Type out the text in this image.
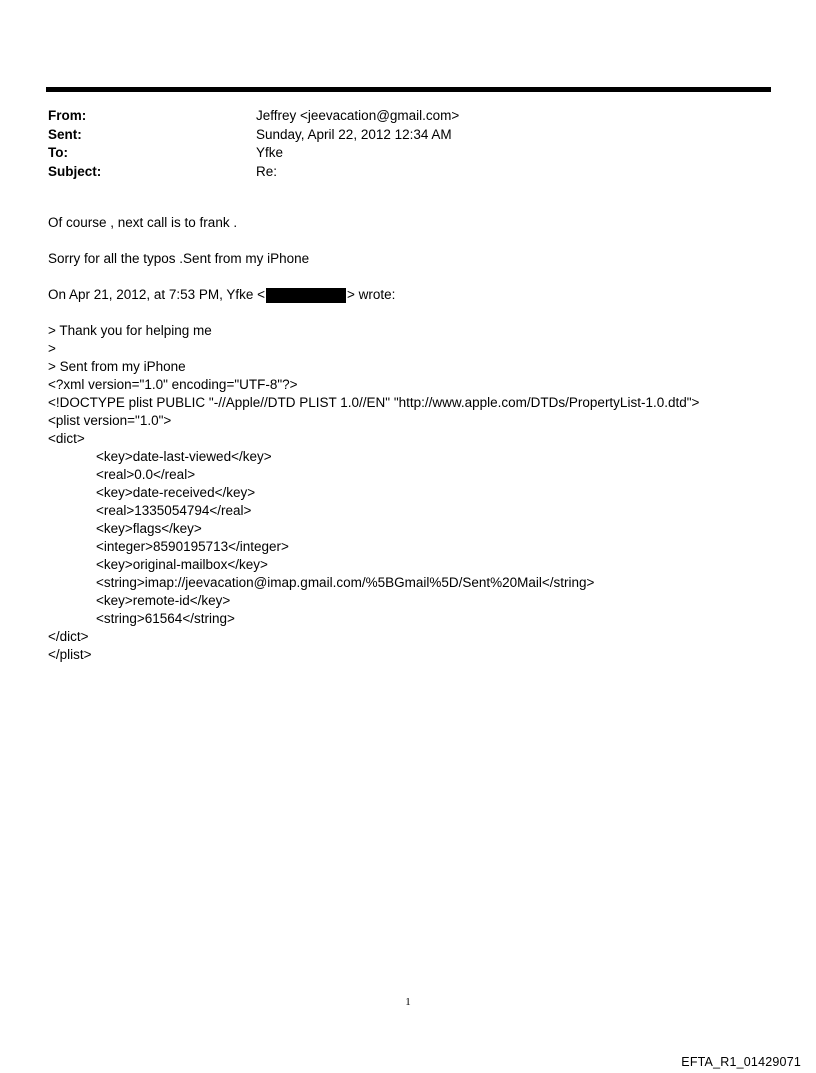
From:	Jeffrey <jeevacation@gmail.com>
Sent:	Sunday, April 22, 2012 12:34 AM
To:	Yfke
Subject:	Re:
Of course , next call is to frank .
Sorry for all the typos .Sent from my iPhone
On Apr 21, 2012, at 7:53 PM, Yfke <	> wrote:
> Thank you for helping me
>
> Sent from my iPhone
<?xml version="1.0" encoding="UTF-8"?>
<!DOCTYPE plist PUBLIC "-//Apple//DTD PLIST 1.0//EN" "http://www.apple.com/DTDs/PropertyList-1.0.dtd">
<plist version="1.0">
<dict>
<key>date-last-viewed</key>
<real>0.0</real>
<key>date-received</key>
<real>1335054794</real>
<key>flags</key>
<integer>8590195713</integer>
<key>original-mailbox</key>
<string>imap://jeevacation@imap.gmail.com/%5BGmail%5D/Sent%20Mail</string>
<key>remote-id</key>
<string>61564</string>
</dict>
</plist>
1
EFTA_R1_01429071
